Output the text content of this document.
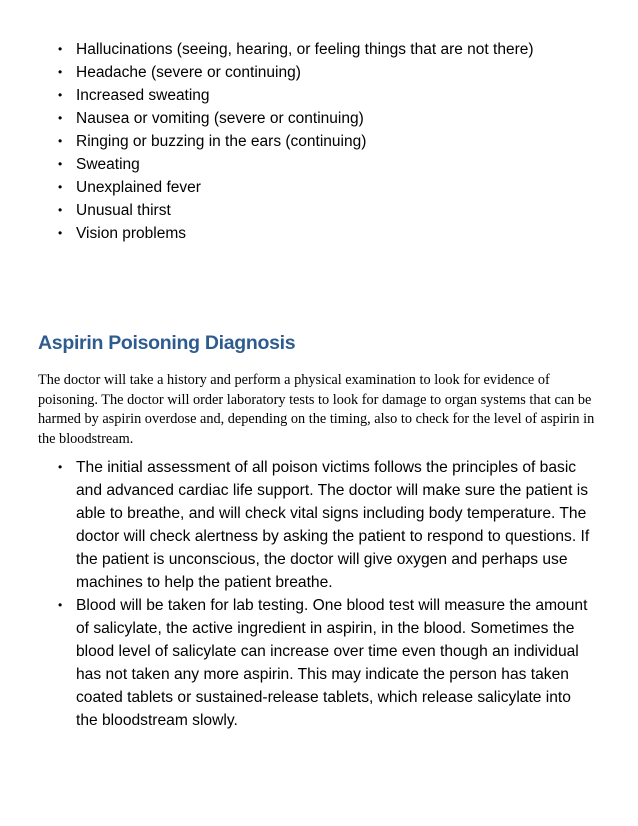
• Hallucinations (seeing, hearing, or feeling things that are not there)
• Headache (severe or continuing)
• Increased sweating
• Nausea or vomiting (severe or continuing)
• Ringing or buzzing in the ears (continuing)
• Sweating
• Unexplained fever
• Unusual thirst
• Vision problems
Aspirin Poisoning Diagnosis

The doctor will take a history and perform a physical examination to look for evidence of poisoning. The doctor will order laboratory tests to look for damage to organ systems that can be harmed by aspirin overdose and, depending on the timing, also to check for the level of aspirin in the bloodstream.

• The initial assessment of all poison victims follows the principles of basic and advanced cardiac life support. The doctor will make sure the patient is able to breathe, and will check vital signs including body temperature. The doctor will check alertness by asking the patient to respond to questions. If the patient is unconscious, the doctor will give oxygen and perhaps use machines to help the patient breathe.
• Blood will be taken for lab testing. One blood test will measure the amount of salicylate, the active ingredient in aspirin, in the blood. Sometimes the blood level of salicylate can increase over time even though an individual has not taken any more aspirin. This may indicate the person has taken coated tablets or sustained-release tablets, which release salicylate into the bloodstream slowly.
